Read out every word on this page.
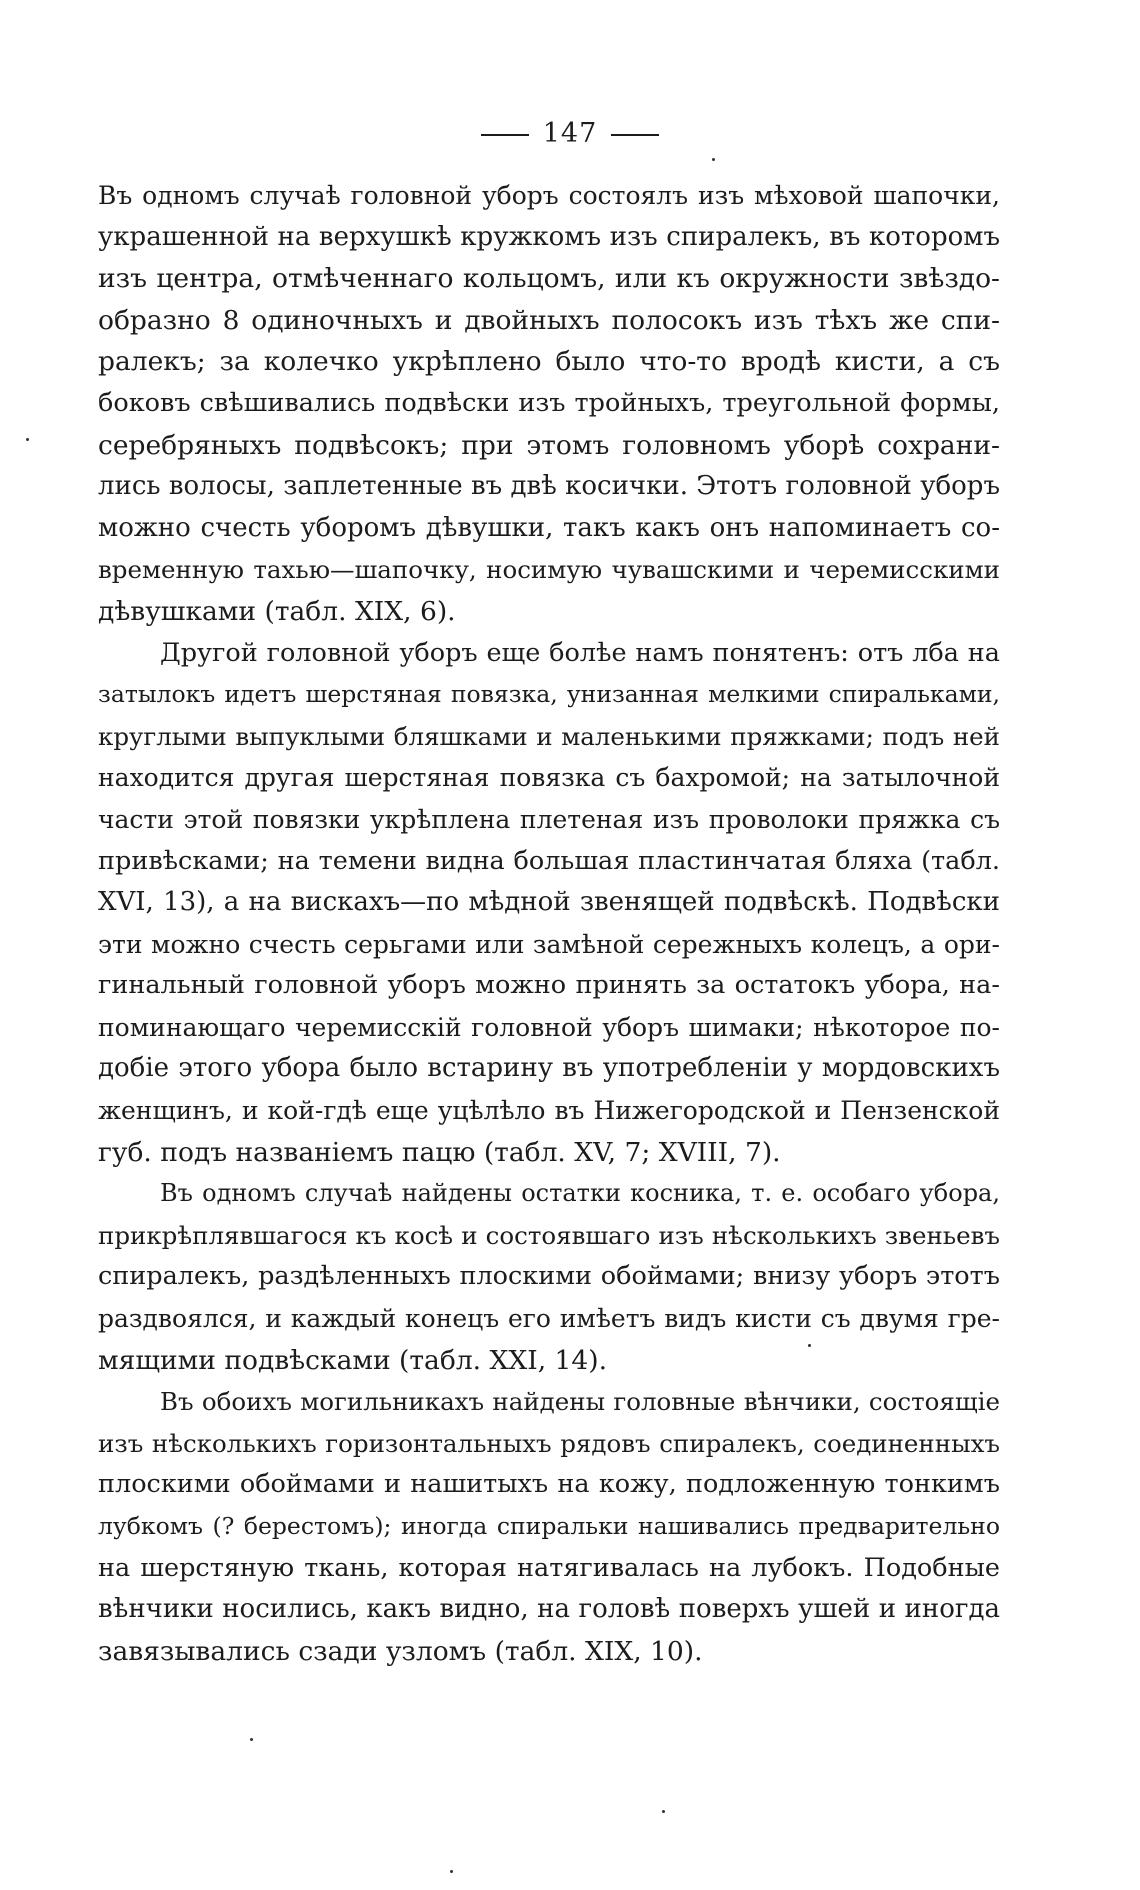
147
Въ одномъ случаѣ головной уборъ состоялъ изъ мѣховой шапочки,
украшенной на верхушкѣ кружкомъ изъ спиралекъ, въ которомъ
изъ центра, отмѣченнаго кольцомъ, или къ окружности звѣздо-
образно 8 одиночныхъ и двойныхъ полосокъ изъ тѣхъ же спи-
ралекъ; за колечко укрѣплено было что-то вродѣ кисти, а съ
боковъ свѣшивались подвѣски изъ тройныхъ, треугольной формы,
серебряныхъ подвѣсокъ; при этомъ головномъ уборѣ сохрани-
лись волосы, заплетенные въ двѣ косички. Этотъ головной уборъ
можно счесть уборомъ дѣвушки, такъ какъ онъ напоминаетъ со-
временную тахью—шапочку, носимую чувашскими и черемисскими
дѣвушками (табл. XIX, 6).
Другой головной уборъ еще болѣе намъ понятенъ: отъ лба на
затылокъ идетъ шерстяная повязка, унизанная мелкими спиральками,
круглыми выпуклыми бляшками и маленькими пряжками; подъ ней
находится другая шерстяная повязка съ бахромой; на затылочной
части этой повязки укрѣплена плетеная изъ проволоки пряжка съ
привѣсками; на темени видна большая пластинчатая бляха (табл.
XVI, 13), а на вискахъ—по мѣдной звенящей подвѣскѣ. Подвѣски
эти можно счесть серьгами или замѣной сережныхъ колецъ, а ори-
гинальный головной уборъ можно принять за остатокъ убора, на-
поминающаго черемисскій головной уборъ шимаки; нѣкоторое по-
добіе этого убора было встарину въ употребленіи у мордовскихъ
женщинъ, и кой-гдѣ еще уцѣлѣло въ Нижегородской и Пензенской
губ. подъ названіемъ пацю (табл. XV, 7; XVIII, 7).
Въ одномъ случаѣ найдены остатки косника, т. е. особаго убора,
прикрѣплявшагося къ косѣ и состоявшаго изъ нѣсколькихъ звеньевъ
спиралекъ, раздѣленныхъ плоскими обоймами; внизу уборъ этотъ
раздвоялся, и каждый конецъ его имѣетъ видъ кисти съ двумя гре-
мящими подвѣсками (табл. XXI, 14).
Въ обоихъ могильникахъ найдены головные вѣнчики, состоящіе
изъ нѣсколькихъ горизонтальныхъ рядовъ спиралекъ, соединенныхъ
плоскими обоймами и нашитыхъ на кожу, подложенную тонкимъ
лубкомъ (? берестомъ); иногда спиральки нашивались предварительно
на шерстяную ткань, которая натягивалась на лубокъ. Подобные
вѣнчики носились, какъ видно, на головѣ поверхъ ушей и иногда
завязывались сзади узломъ (табл. XIX, 10).
